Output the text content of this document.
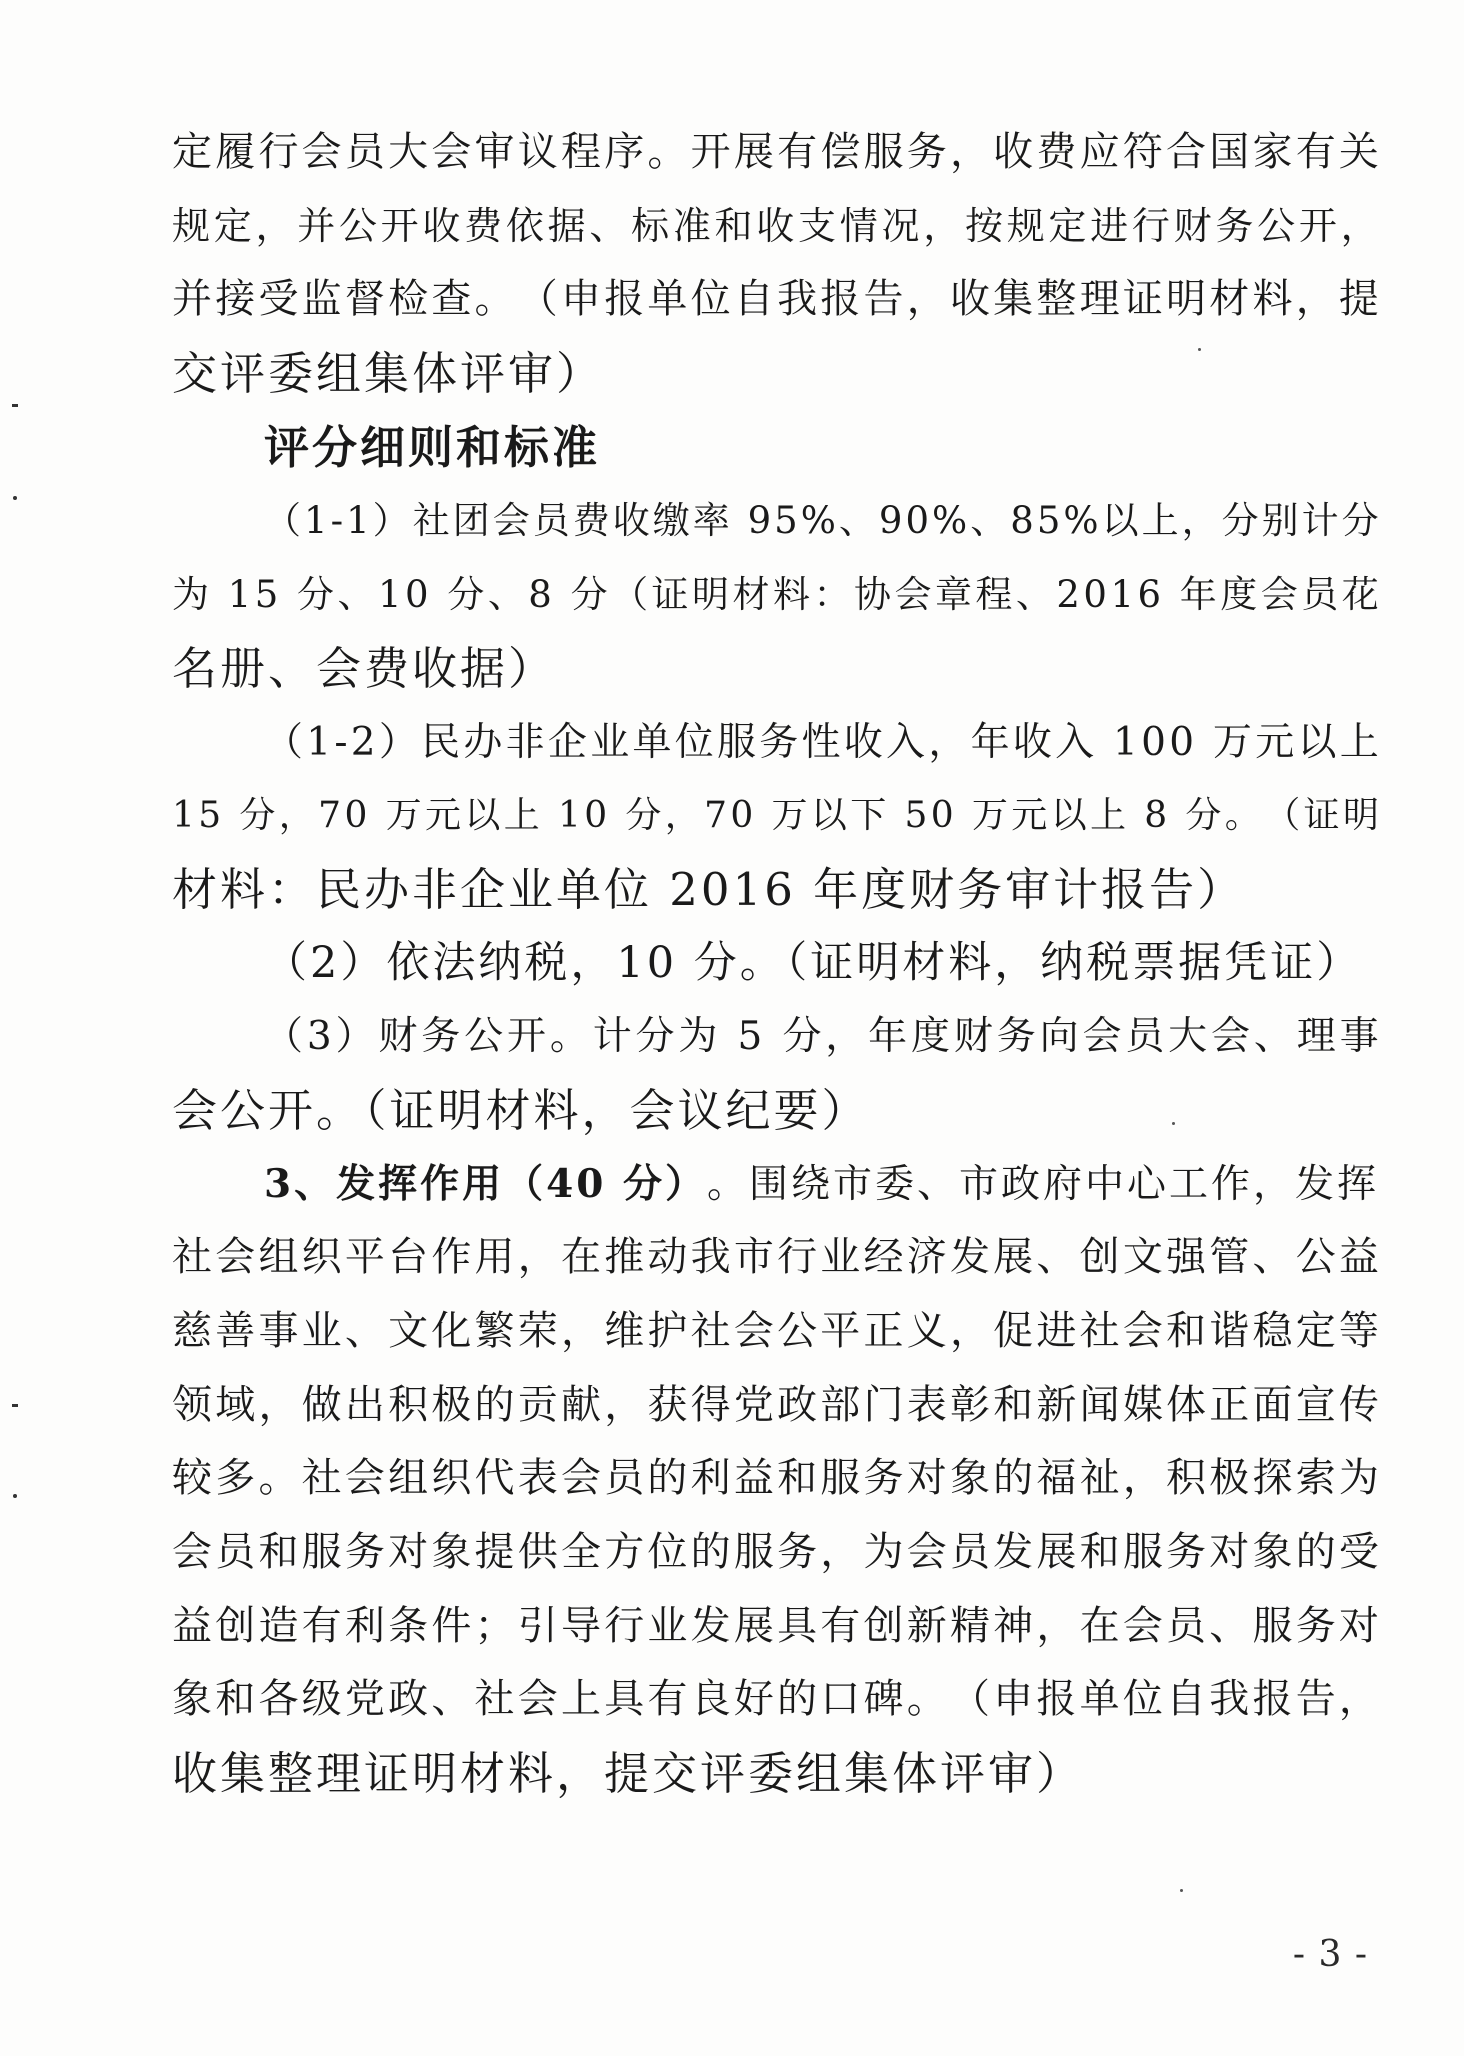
定 履 行 会 员 大 会 审 议 程 序 。 开 展 有 偿 服 务 ， 收 费 应 符 合 国 家 有 关
规 定 ， 并 公 开 收 费 依 据 、 标 准 和 收 支 情 况 ， 按 规 定 进 行 财 务 公 开 ，
并 接 受 监 督 检 查 。 （ 申 报 单 位 自 我 报 告 ， 收 集 整 理 证 明 材 料 ， 提
交评委组集体评审）
评分细则和标准
（ 1 - 1 ） 社 团 会 员 费 收 缴 率
9 5 % 、 9 0 % 、 8 5 % 以 上 ， 分 别 计 分
为
1 5
分 、 1 0
分 、 8
分 （ 证 明 材 料 ： 协 会 章 程 、 2 0 1 6
年 度 会 员 花
名册、会费收据）
（ 1 - 2 ） 民 办 非 企 业 单 位 服 务 性 收 入 ， 年 收 入
1 0 0
万 元 以 上
1 5
分 ， 7 0
万 元 以 上
1 0
分 ， 7 0
万 以 下
5 0
万 元 以 上
8
分 。 （ 证 明
材料：民办非企业单位 2016 年度财务审计报告）
（2）依法纳税，10 分。（证明材料，纳税票据凭证）
（ 3 ） 财 务 公 开 。 计 分 为
5
分 ， 年 度 财 务 向 会 员 大 会 、 理 事
会公开。（证明材料，会议纪要）
3、发挥作用（40 分） 。围绕市委、市政府中心工作，发挥
社 会 组 织 平 台 作 用 ， 在 推 动 我 市 行 业 经 济 发 展 、 创 文 强 管 、 公 益
慈 善 事 业 、 文 化 繁 荣 ， 维 护 社 会 公 平 正 义 ， 促 进 社 会 和 谐 稳 定 等
领 域 ， 做 出 积 极 的 贡 献 ， 获 得 党 政 部 门 表 彰 和 新 闻 媒 体 正 面 宣 传
较 多 。 社 会 组 织 代 表 会 员 的 利 益 和 服 务 对 象 的 福 祉 ， 积 极 探 索 为
会 员 和 服 务 对 象 提 供 全 方 位 的 服 务 ， 为 会 员 发 展 和 服 务 对 象 的 受
益 创 造 有 利 条 件 ； 引 导 行 业 发 展 具 有 创 新 精 神 ， 在 会 员 、 服 务 对
象 和 各 级 党 政 、 社 会 上 具 有 良 好 的 口 碑 。 （ 申 报 单 位 自 我 报 告 ，
收集整理证明材料，提交评委组集体评审）
- 3 -
